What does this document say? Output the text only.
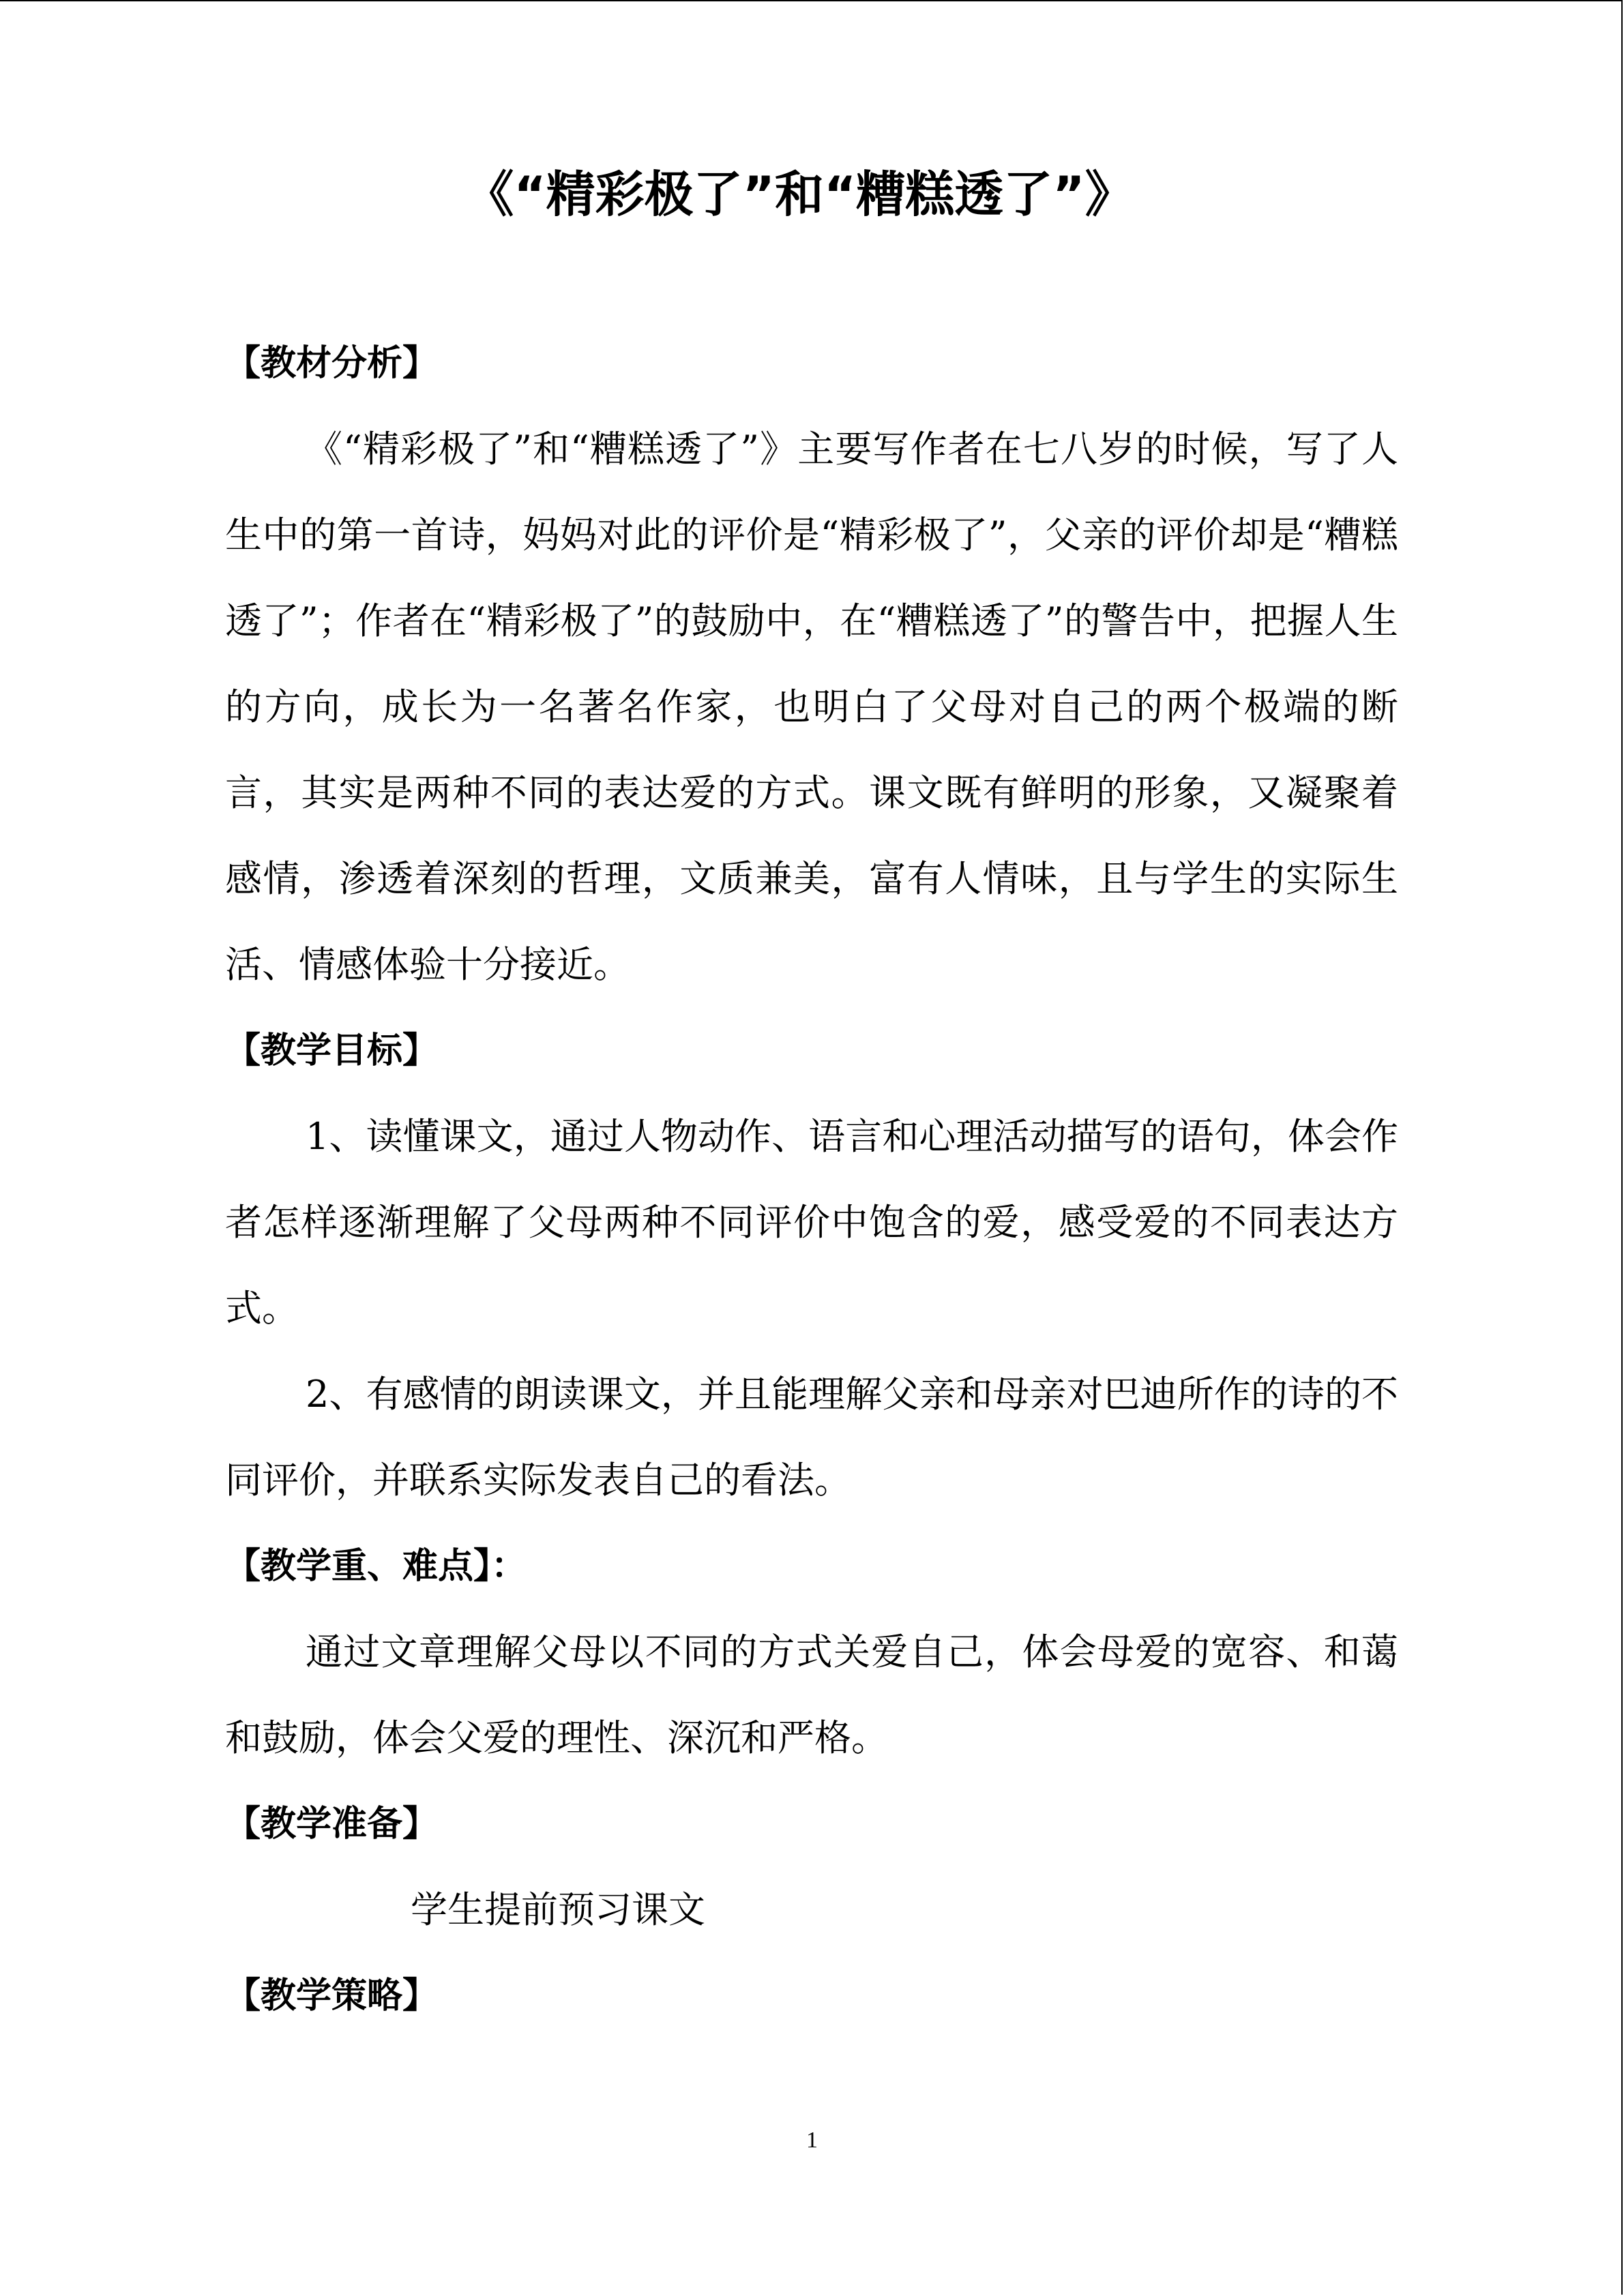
《“精彩极了”和“糟糕透了”》

【教材分析】

《“精彩极了”和“糟糕透了”》主要写作者在七八岁的时候，写了人生中的第一首诗，妈妈对此的评价是“精彩极了”，父亲的评价却是“糟糕透了”；作者在“精彩极了”的鼓励中，在“糟糕透了”的警告中，把握人生的方向，成长为一名著名作家，也明白了父母对自己的两个极端的断言，其实是两种不同的表达爱的方式。课文既有鲜明的形象，又凝聚着感情，渗透着深刻的哲理，文质兼美，富有人情味，且与学生的实际生活、情感体验十分接近。

【教学目标】

1、读懂课文，通过人物动作、语言和心理活动描写的语句，体会作者怎样逐渐理解了父母两种不同评价中饱含的爱，感受爱的不同表达方式。

2、有感情的朗读课文，并且能理解父亲和母亲对巴迪所作的诗的不同评价，并联系实际发表自己的看法。

【教学重、难点】：

通过文章理解父母以不同的方式关爱自己，体会母爱的宽容、和蔼和鼓励，体会父爱的理性、深沉和严格。

【教学准备】

学生提前预习课文

【教学策略】

1
